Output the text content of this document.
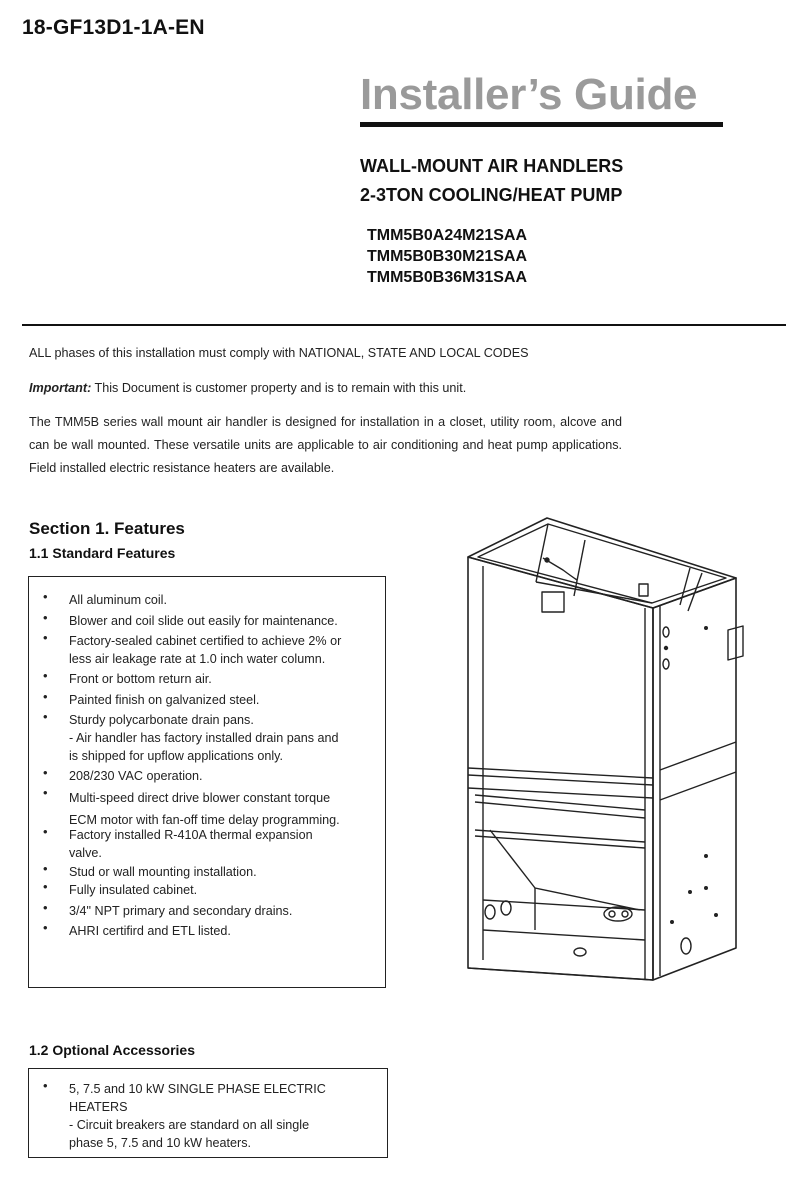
18-GF13D1-1A-EN
Installer’s Guide
WALL-MOUNT AIR HANDLERS
2-3TON COOLING/HEAT PUMP
TMM5B0A24M21SAA
TMM5B0B30M21SAA
TMM5B0B36M31SAA
ALL phases of this installation must comply with NATIONAL, STATE AND LOCAL CODES
Important: This Document is customer property and is to remain with this unit.
The TMM5B series wall mount air handler is designed for installation in a closet, utility room, alcove and can be wall mounted. These versatile units are applicable to air conditioning and heat pump applications. Field installed electric resistance heaters are available.
Section 1. Features
1.1 Standard Features
• All aluminum coil.
• Blower and coil slide out easily for maintenance.
• Factory-sealed cabinet certified to achieve 2% or
less air leakage rate at 1.0 inch water column.
• Front or bottom return air.
• Painted finish on galvanized steel.
• Sturdy polycarbonate drain pans.
- Air handler has factory installed drain pans and
is shipped for upflow applications only.
• 208/230 VAC operation.
• Multi-speed direct drive blower constant torque
ECM motor with fan-off time delay programming.
• Factory installed R-410A thermal expansion
valve.
• Stud or wall mounting installation.
• Fully insulated cabinet.
• 3/4" NPT primary and secondary drains.
• AHRI certifird and ETL listed.
1.2 Optional Accessories
• 5, 7.5 and 10 kW SINGLE PHASE ELECTRIC
HEATERS
- Circuit breakers are standard on all single
phase 5, 7.5 and 10 kW heaters.
